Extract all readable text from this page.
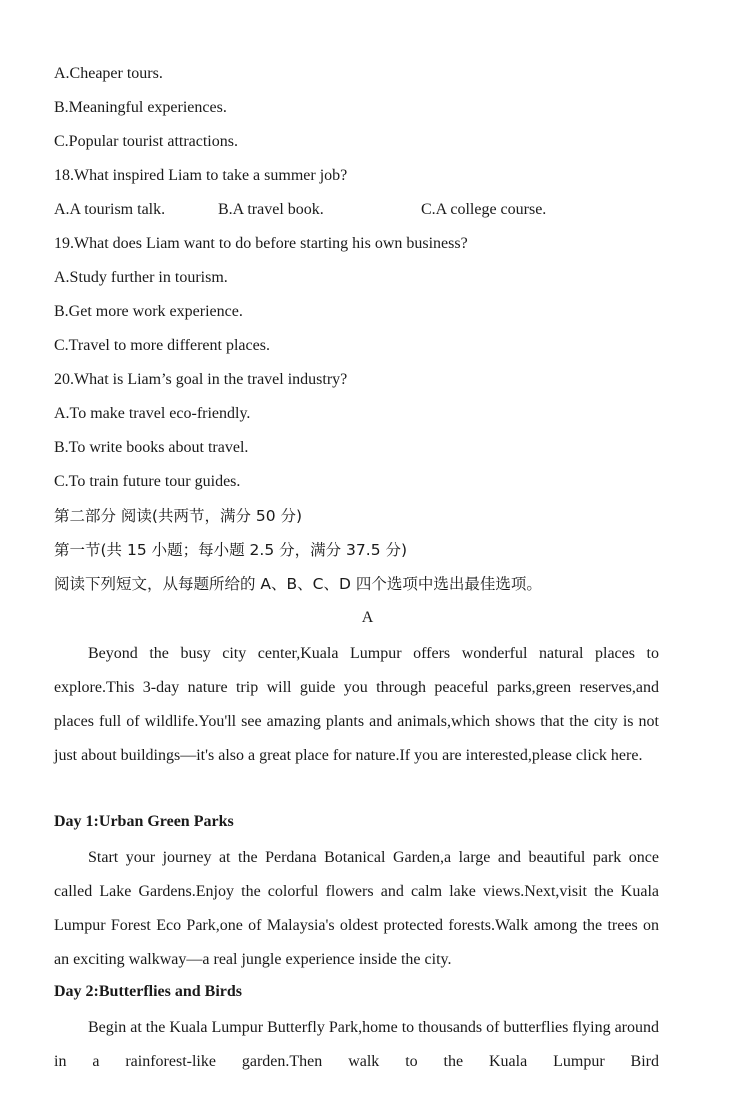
A.Cheaper tours.
B.Meaningful experiences.
C.Popular tourist attractions.
18.What inspired Liam to take a summer job?
A.A tourism talk.	B.A travel book.	C.A college course.
19.What does Liam want to do before starting his own business?
A.Study further in tourism.
B.Get more work experience.
C.Travel to more different places.
20.What is Liam’s goal in the travel industry?
A.To make travel eco-friendly.
B.To write books about travel.
C.To train future tour guides.
第二部分 阅读(共两节，满分 50 分)
第一节(共 15 小题；每小题 2.5 分，满分 37.5 分)
阅读下列短文，从每题所给的 A、B、C、D 四个选项中选出最佳选项。
A
Beyond the busy city center,Kuala Lumpur offers wonderful natural places to explore.This 3-day nature trip will guide you through peaceful parks,green reserves,and places full of wildlife.You'll see amazing plants and animals,which shows that the city is not just about buildings—it's also a great place for nature.If you are interested,please click here.
Day 1:Urban Green Parks
Start your journey at the Perdana Botanical Garden,a large and beautiful park once called Lake Gardens.Enjoy the colorful flowers and calm lake views.Next,visit the Kuala Lumpur Forest Eco Park,one of Malaysia's oldest protected forests.Walk among the trees on an exciting walkway—a real jungle experience inside the city.
Day 2:Butterflies and Birds
Begin at the Kuala Lumpur Butterfly Park,home to thousands of butterflies flying around in a rainforest-like garden.Then walk to the Kuala Lumpur Bird
